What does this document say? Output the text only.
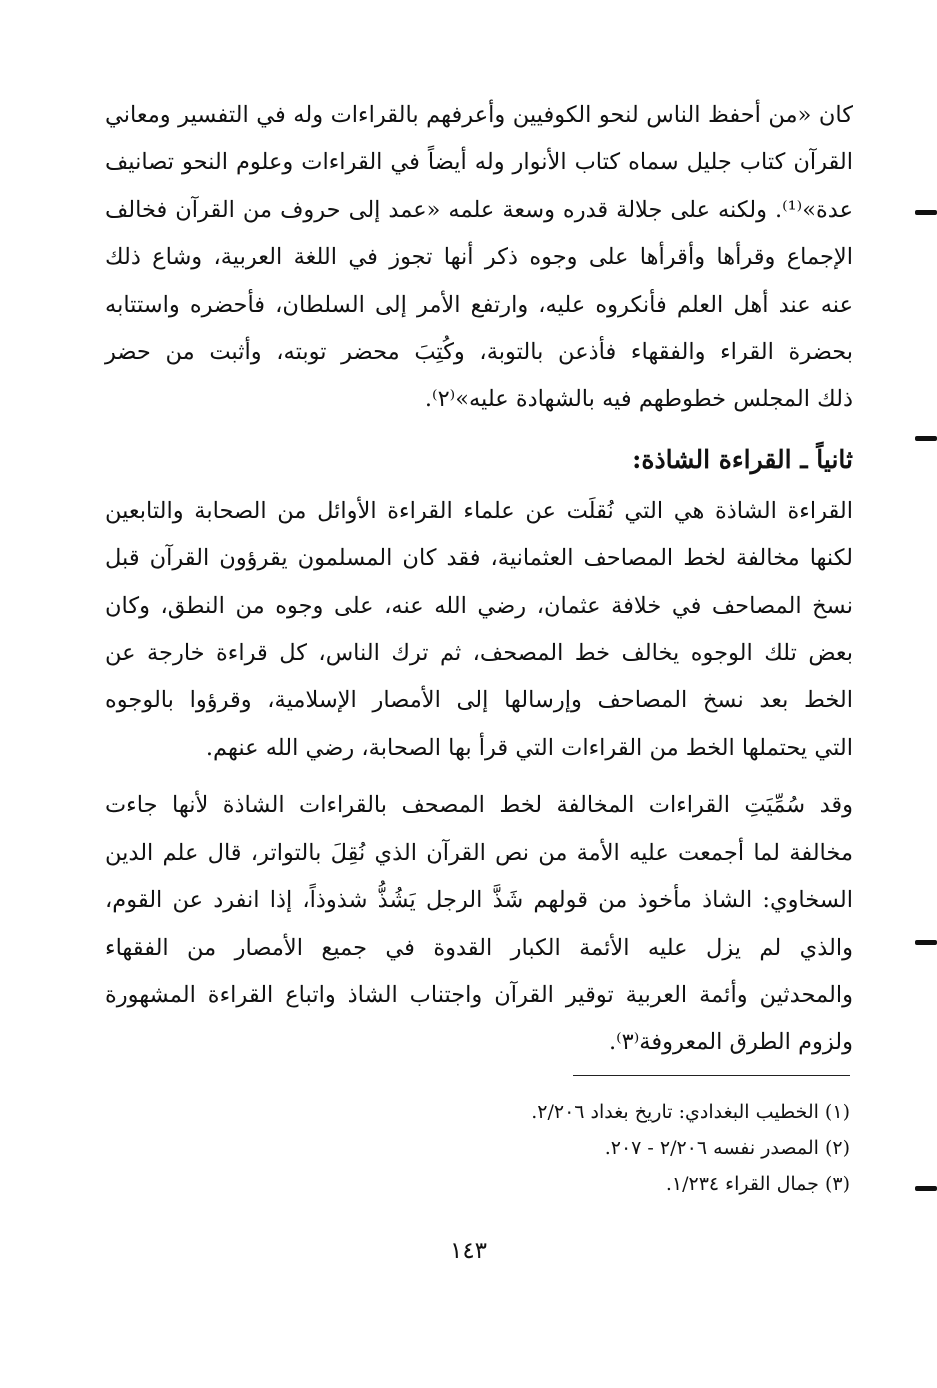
كان «من أحفظ الناس لنحو الكوفيين وأعرفهم بالقراءات وله في التفسير ومعاني
القرآن كتاب جليل سماه كتاب الأنوار وله أيضاً في القراءات وعلوم النحو تصانيف
عدة»⁽¹⁾. ولكنه على جلالة قدره وسعة علمه «عمد إلى حروف من القرآن فخالف
الإجماع وقرأها وأقرأها على وجوه ذكر أنها تجوز في اللغة العربية، وشاع ذلك
عنه عند أهل العلم فأنكروه عليه، وارتفع الأمر إلى السلطان، فأحضره واستتابه
بحضرة القراء والفقهاء فأذعن بالتوبة، وكُتِبَ محضر توبته، وأثبت من حضر
ذلك المجلس خطوطهم فيه بالشهادة عليه»⁽٢⁾.

ثانياً ـ القراءة الشاذة:

القراءة الشاذة هي التي نُقلَت عن علماء القراءة الأوائل من الصحابة والتابعين
لكنها مخالفة لخط المصاحف العثمانية، فقد كان المسلمون يقرؤون القرآن قبل
نسخ المصاحف في خلافة عثمان، رضي الله عنه، على وجوه من النطق، وكان
بعض تلك الوجوه يخالف خط المصحف، ثم ترك الناس، كل قراءة خارجة عن
الخط بعد نسخ المصاحف وإرسالها إلى الأمصار الإسلامية، وقرؤوا بالوجوه
التي يحتملها الخط من القراءات التي قرأ بها الصحابة، رضي الله عنهم.

وقد سُمِّيَتِ القراءات المخالفة لخط المصحف بالقراءات الشاذة لأنها جاءت
مخالفة لما أجمعت عليه الأمة من نص القرآن الذي نُقِلَ بالتواتر، قال علم الدين
السخاوي: الشاذ مأخوذ من قولهم شَذَّ الرجل يَشُذُّ شذوذاً، إذا انفرد عن القوم،
والذي لم يزل عليه الأئمة الكبار القدوة في جميع الأمصار من الفقهاء
والمحدثين وأئمة العربية توقير القرآن واجتناب الشاذ واتباع القراءة المشهورة
ولزوم الطرق المعروفة⁽٣⁾.

(١) الخطيب البغدادي: تاريخ بغداد ٢/٢٠٦.
(٢) المصدر نفسه ٢/٢٠٦ - ٢٠٧.
(٣) جمال القراء ١/٢٣٤.
١٤٣
